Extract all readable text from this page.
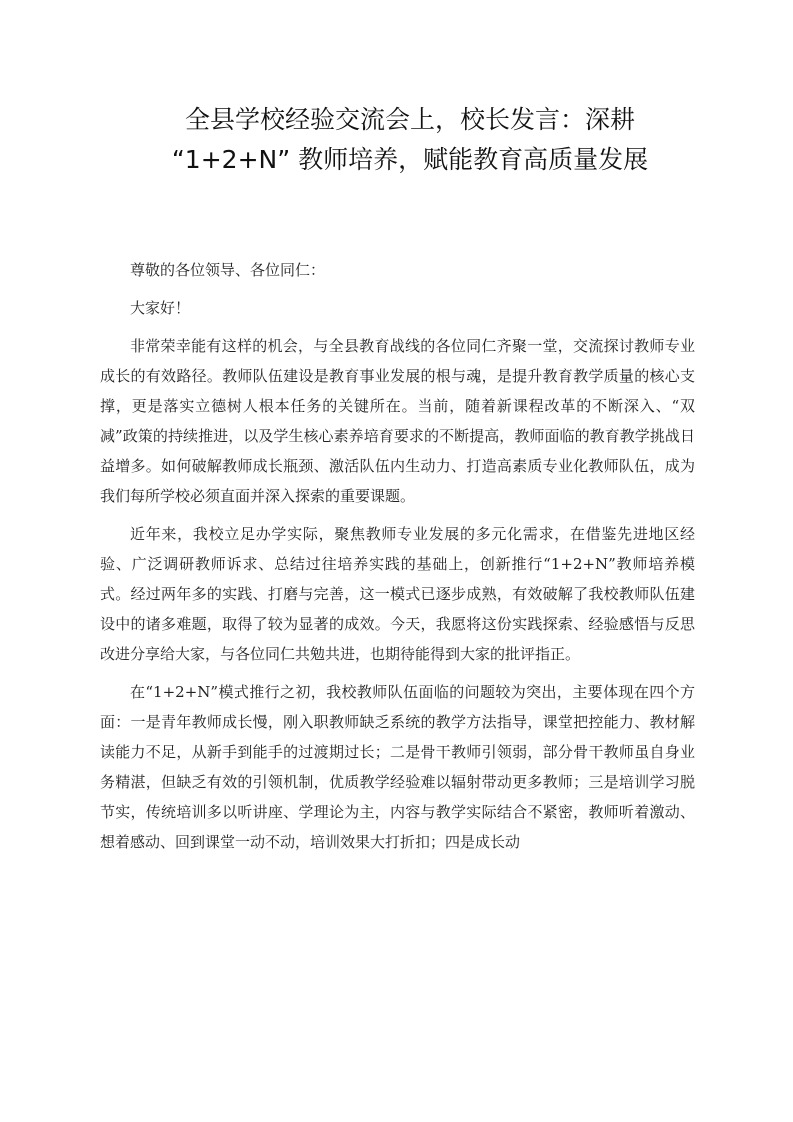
全县学校经验交流会上，校长发言：深耕
“1+2+N” 教师培养，赋能教育高质量发展

尊敬的各位领导、各位同仁：

大家好！

非常荣幸能有这样的机会，与全县教育战线的各位同仁齐聚一堂，交流探讨教师专业成长的有效路径。教师队伍建设是教育事业发展的根与魂，是提升教育教学质量的核心支撑，更是落实立德树人根本任务的关键所在。当前，随着新课程改革的不断深入、“双减”政策的持续推进，以及学生核心素养培育要求的不断提高，教师面临的教育教学挑战日益增多。如何破解教师成长瓶颈、激活队伍内生动力、打造高素质专业化教师队伍，成为我们每所学校必须直面并深入探索的重要课题。

近年来，我校立足办学实际，聚焦教师专业发展的多元化需求，在借鉴先进地区经验、广泛调研教师诉求、总结过往培养实践的基础上，创新推行“1+2+N”教师培养模式。经过两年多的实践、打磨与完善，这一模式已逐步成熟，有效破解了我校教师队伍建设中的诸多难题，取得了较为显著的成效。今天，我愿将这份实践探索、经验感悟与反思改进分享给大家，与各位同仁共勉共进，也期待能得到大家的批评指正。

在“1+2+N”模式推行之初，我校教师队伍面临的问题较为突出，主要体现在四个方面：一是青年教师成长慢，刚入职教师缺乏系统的教学方法指导，课堂把控能力、教材解读能力不足，从新手到能手的过渡期过长；二是骨干教师引领弱，部分骨干教师虽自身业务精湛，但缺乏有效的引领机制，优质教学经验难以辐射带动更多教师；三是培训学习脱节实，传统培训多以听讲座、学理论为主，内容与教学实际结合不紧密，教师听着激动、想着感动、回到课堂一动不动，培训效果大打折扣；四是成长动
